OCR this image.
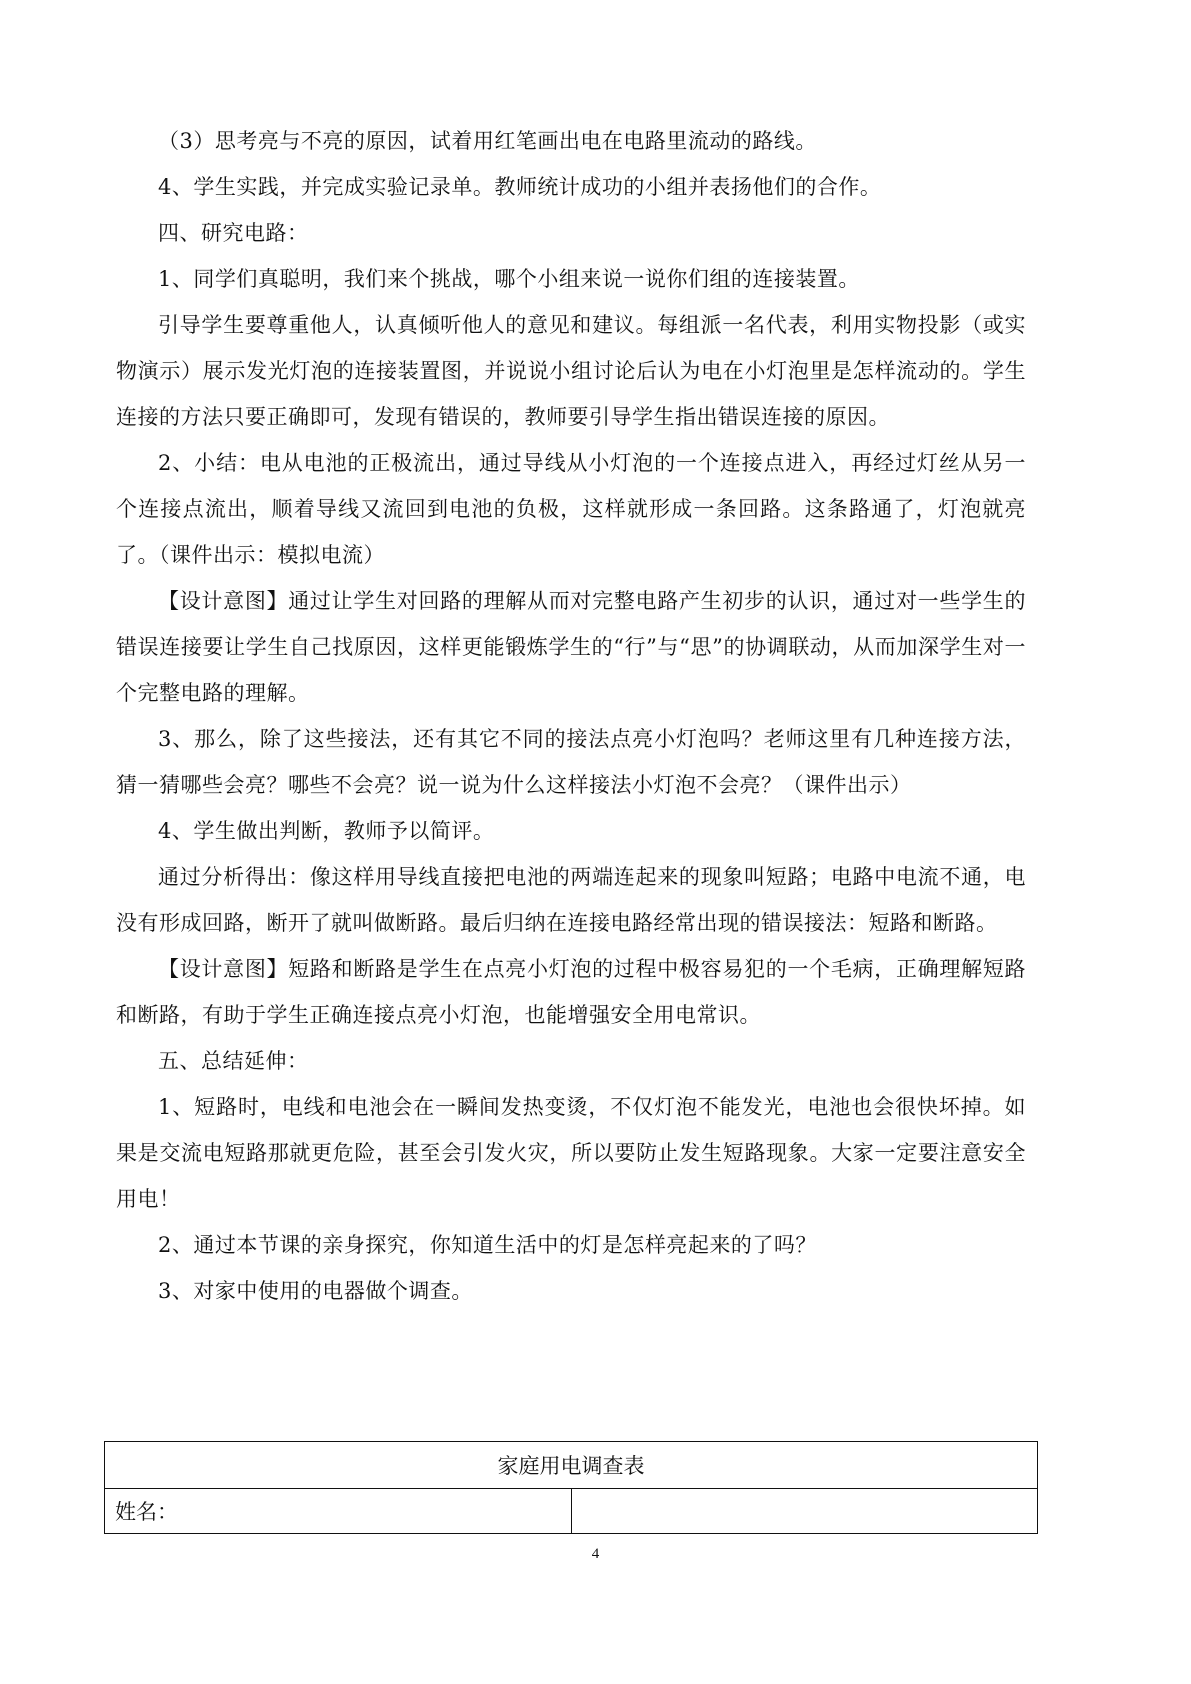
（3）思考亮与不亮的原因，试着用红笔画出电在电路里流动的路线。

4、学生实践，并完成实验记录单。教师统计成功的小组并表扬他们的合作。

四、研究电路：

1、同学们真聪明，我们来个挑战，哪个小组来说一说你们组的连接装置。

引导学生要尊重他人，认真倾听他人的意见和建议。每组派一名代表，利用实物投影（或实物演示）展示发光灯泡的连接装置图，并说说小组讨论后认为电在小灯泡里是怎样流动的。学生连接的方法只要正确即可，发现有错误的，教师要引导学生指出错误连接的原因。

2、小结：电从电池的正极流出，通过导线从小灯泡的一个连接点进入，再经过灯丝从另一个连接点流出，顺着导线又流回到电池的负极，这样就形成一条回路。这条路通了，灯泡就亮了。（课件出示：模拟电流）

【设计意图】通过让学生对回路的理解从而对完整电路产生初步的认识，通过对一些学生的错误连接要让学生自己找原因，这样更能锻炼学生的“行”与“思”的协调联动，从而加深学生对一个完整电路的理解。

3、那么，除了这些接法，还有其它不同的接法点亮小灯泡吗？老师这里有几种连接方法，猜一猜哪些会亮？哪些不会亮？说一说为什么这样接法小灯泡不会亮？（课件出示）

4、学生做出判断，教师予以简评。

通过分析得出：像这样用导线直接把电池的两端连起来的现象叫短路；电路中电流不通，电没有形成回路，断开了就叫做断路。最后归纳在连接电路经常出现的错误接法：短路和断路。

【设计意图】短路和断路是学生在点亮小灯泡的过程中极容易犯的一个毛病，正确理解短路和断路，有助于学生正确连接点亮小灯泡，也能增强安全用电常识。

五、总结延伸：

1、短路时，电线和电池会在一瞬间发热变烫，不仅灯泡不能发光，电池也会很快坏掉。如果是交流电短路那就更危险，甚至会引发火灾，所以要防止发生短路现象。大家一定要注意安全用电！

2、通过本节课的亲身探究，你知道生活中的灯是怎样亮起来的了吗？

3、对家中使用的电器做个调查。

家庭用电调查表
姓名：	
4
